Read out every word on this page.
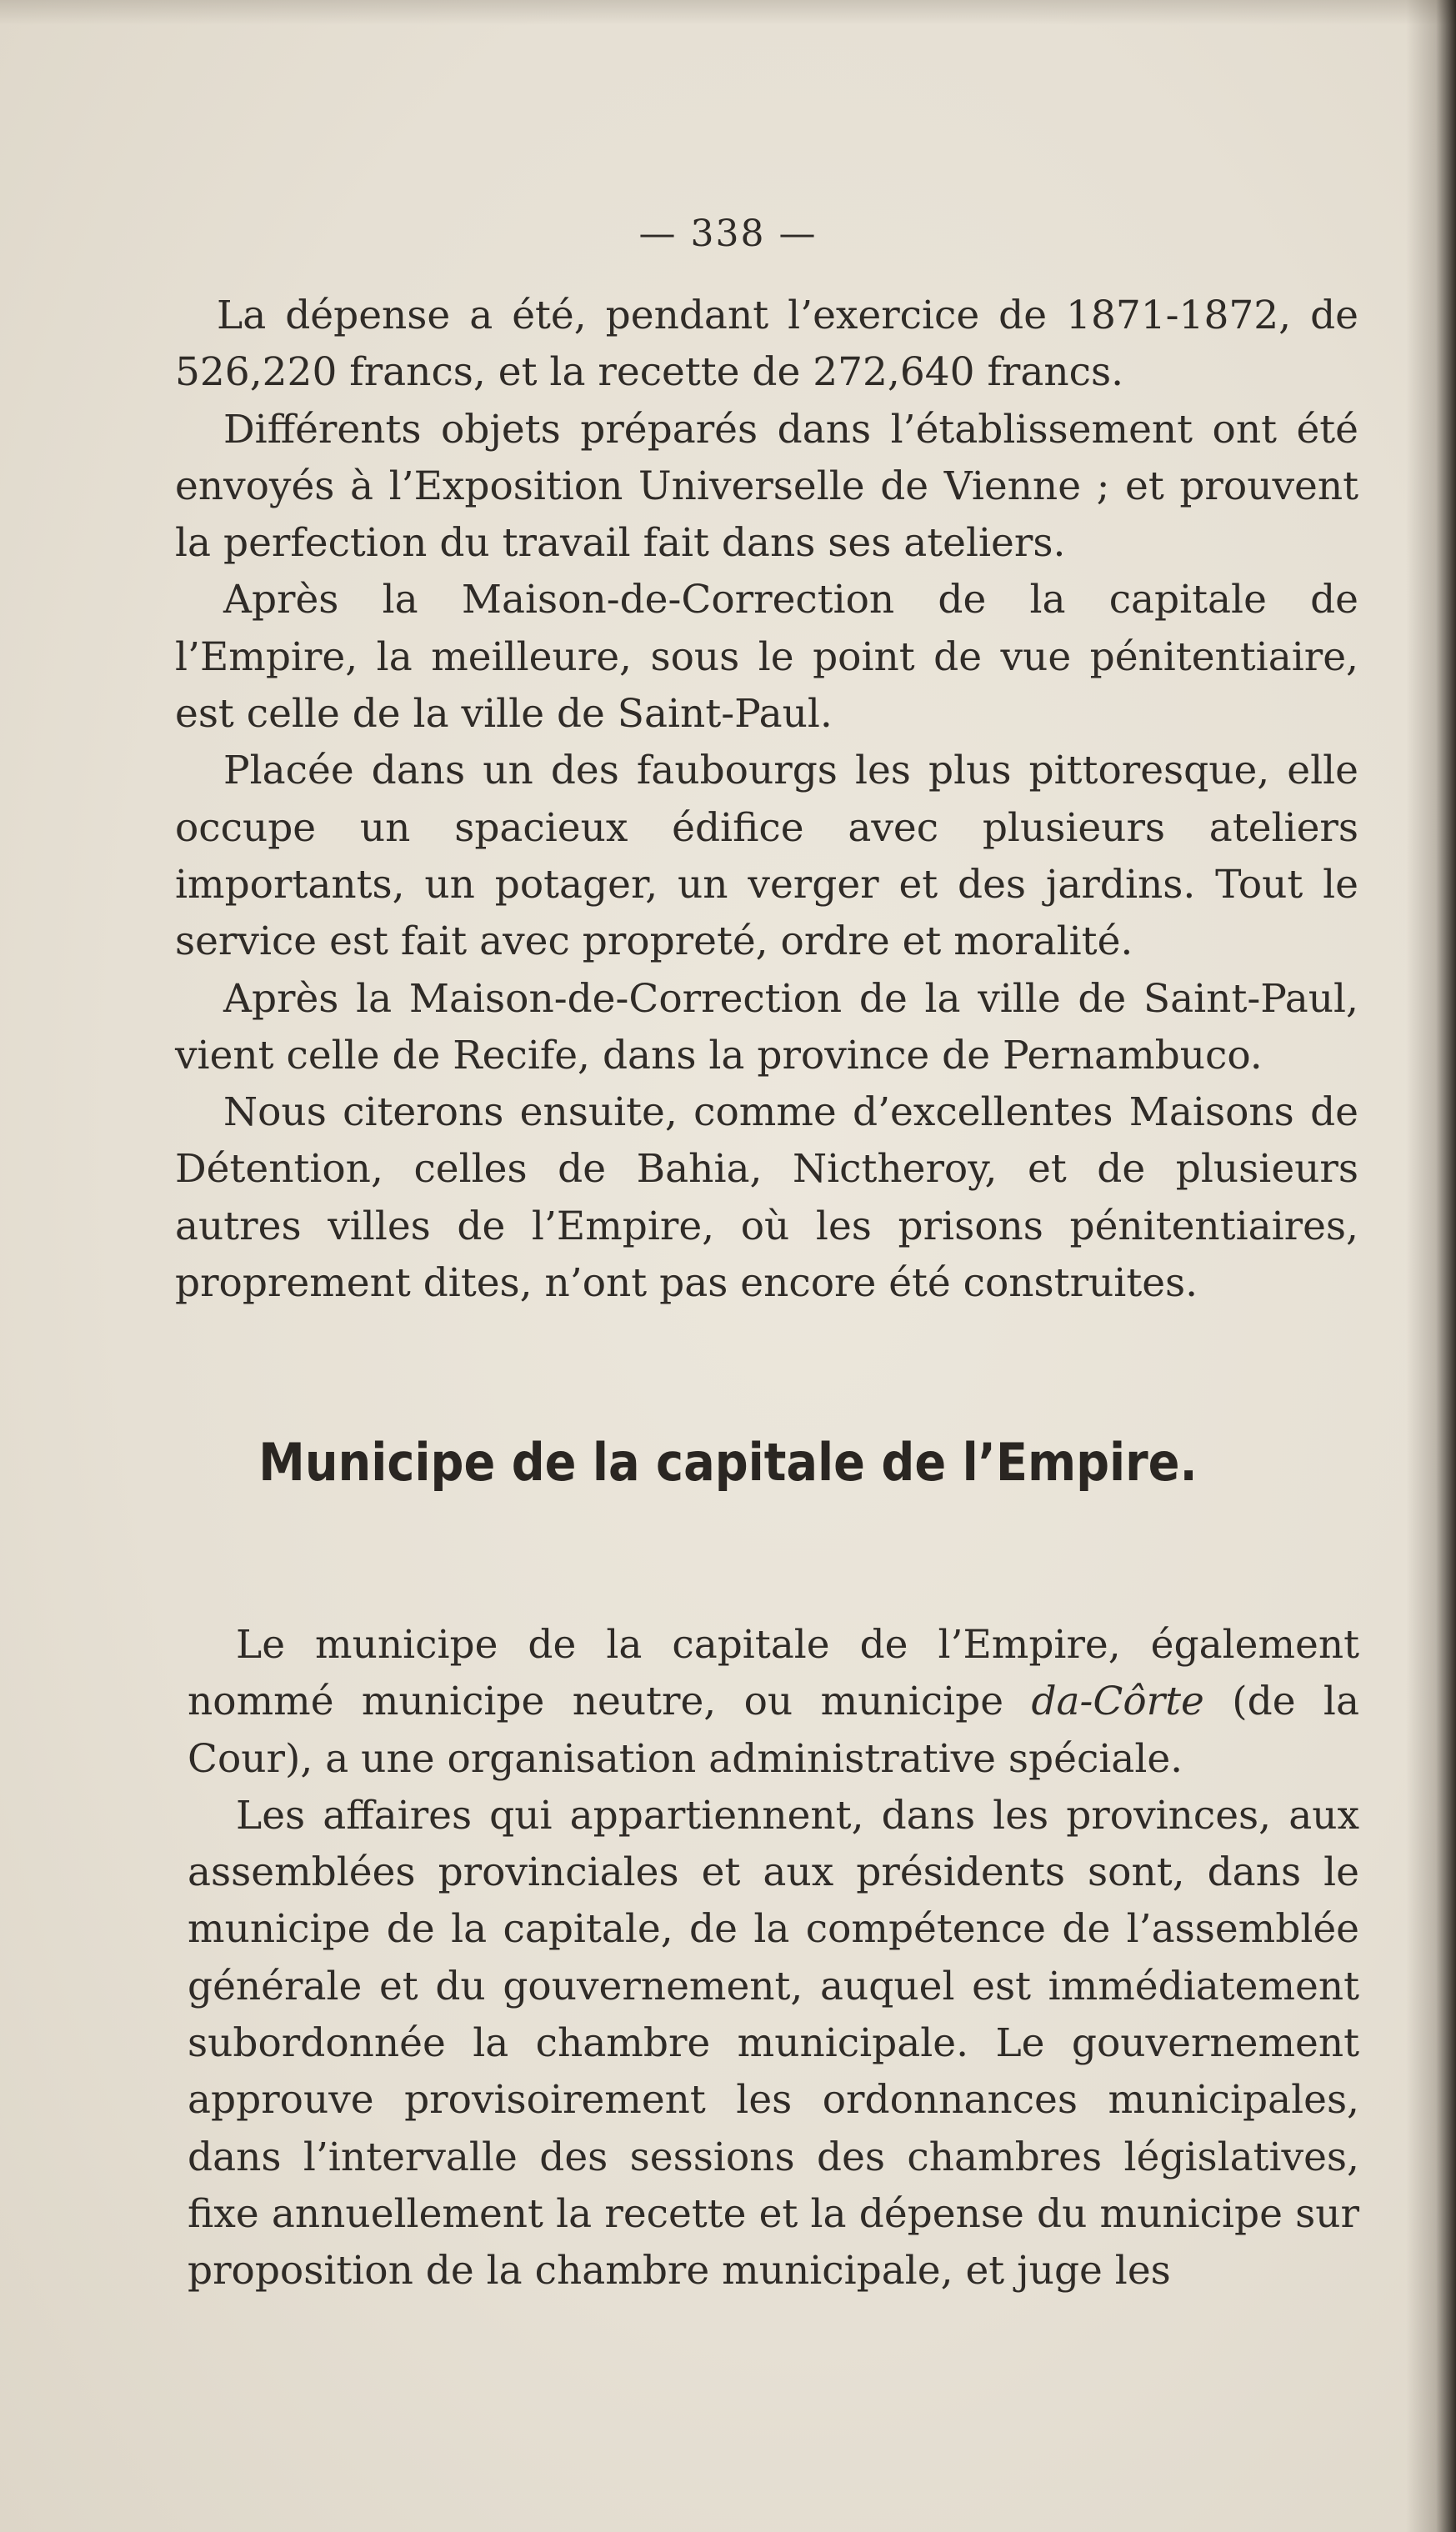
— 338 —

La dépense a été, pendant l’exercice de 1871-1872, de 526,220 francs, et la recette de 272,640 francs.

Différents objets préparés dans l’établissement ont été envoyés à l’Exposition Universelle de Vienne ; et prouvent la perfection du travail fait dans ses ateliers.

Après la Maison-de-Correction de la capitale de l’Empire, la meilleure, sous le point de vue pénitentiaire, est celle de la ville de Saint-Paul.

Placée dans un des faubourgs les plus pittoresque, elle occupe un spacieux édifice avec plusieurs ateliers importants, un potager, un verger et des jardins. Tout le service est fait avec propreté, ordre et moralité.

Après la Maison-de-Correction de la ville de Saint-Paul, vient celle de Recife, dans la province de Pernambuco.

Nous citerons ensuite, comme d’excellentes Maisons de Détention, celles de Bahia, Nictheroy, et de plusieurs autres villes de l’Empire, où les prisons pénitentiaires, proprement dites, n’ont pas encore été construites.

Municipe de la capitale de l’Empire.

Le municipe de la capitale de l’Empire, également nommé municipe neutre, ou municipe da-Côrte (de la Cour), a une organisation administrative spéciale.

Les affaires qui appartiennent, dans les provinces, aux assemblées provinciales et aux présidents sont, dans le municipe de la capitale, de la compétence de l’assemblée générale et du gouvernement, auquel est immédiatement subordonnée la chambre municipale. Le gouvernement approuve provisoirement les ordonnances municipales, dans l’intervalle des sessions des chambres législatives, fixe annuellement la recette et la dépense du municipe sur proposition de la chambre municipale, et juge les
